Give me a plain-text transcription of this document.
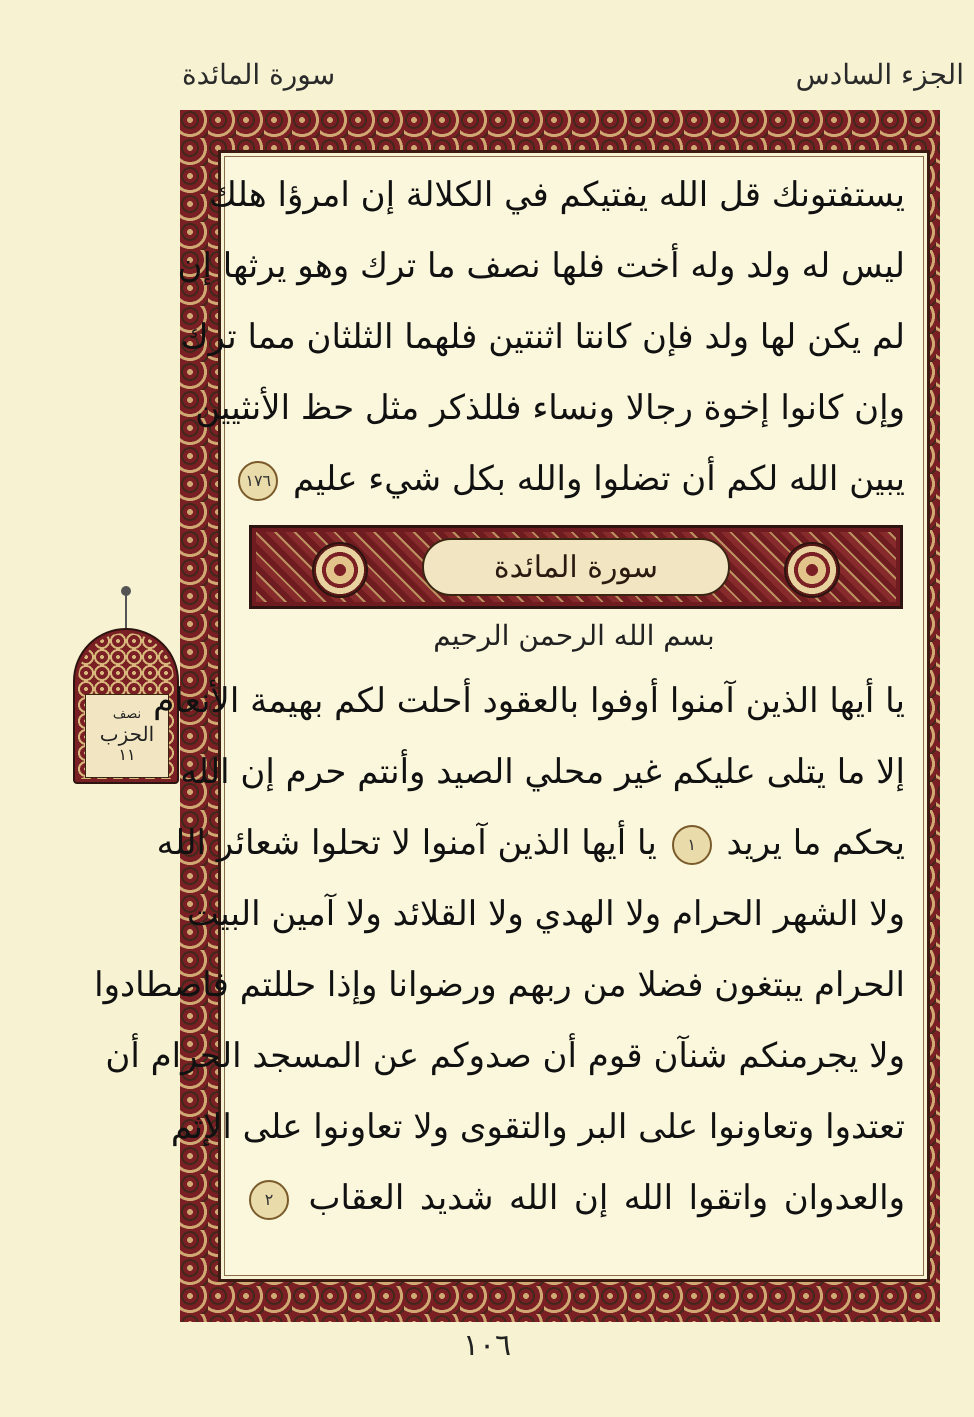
سورة المائدة	الجزء السادس
نصف
الحزب
١١
يستفتونك قل الله يفتيكم في الكلالة إن امرؤا هلك
ليس له ولد وله أخت فلها نصف ما ترك وهو يرثها إن
لم يكن لها ولد فإن كانتا اثنتين فلهما الثلثان مما ترك
وإن كانوا إخوة رجالا ونساء فللذكر مثل حظ الأنثيين
يبين الله لكم أن تضلوا والله بكل شيء عليم ١٧٦
سورة المائدة
بسم الله الرحمن الرحيم
يا أيها الذين آمنوا أوفوا بالعقود أحلت لكم بهيمة الأنعام
إلا ما يتلى عليكم غير محلي الصيد وأنتم حرم إن الله
يحكم ما يريد ١ يا أيها الذين آمنوا لا تحلوا شعائر الله
ولا الشهر الحرام ولا الهدي ولا القلائد ولا آمين البيت
الحرام يبتغون فضلا من ربهم ورضوانا وإذا حللتم فاصطادوا
ولا يجرمنكم شنآن قوم أن صدوكم عن المسجد الحرام أن
تعتدوا وتعاونوا على البر والتقوى ولا تعاونوا على الإثم
والعدوان واتقوا الله إن الله شديد العقاب ٢
١٠٦
